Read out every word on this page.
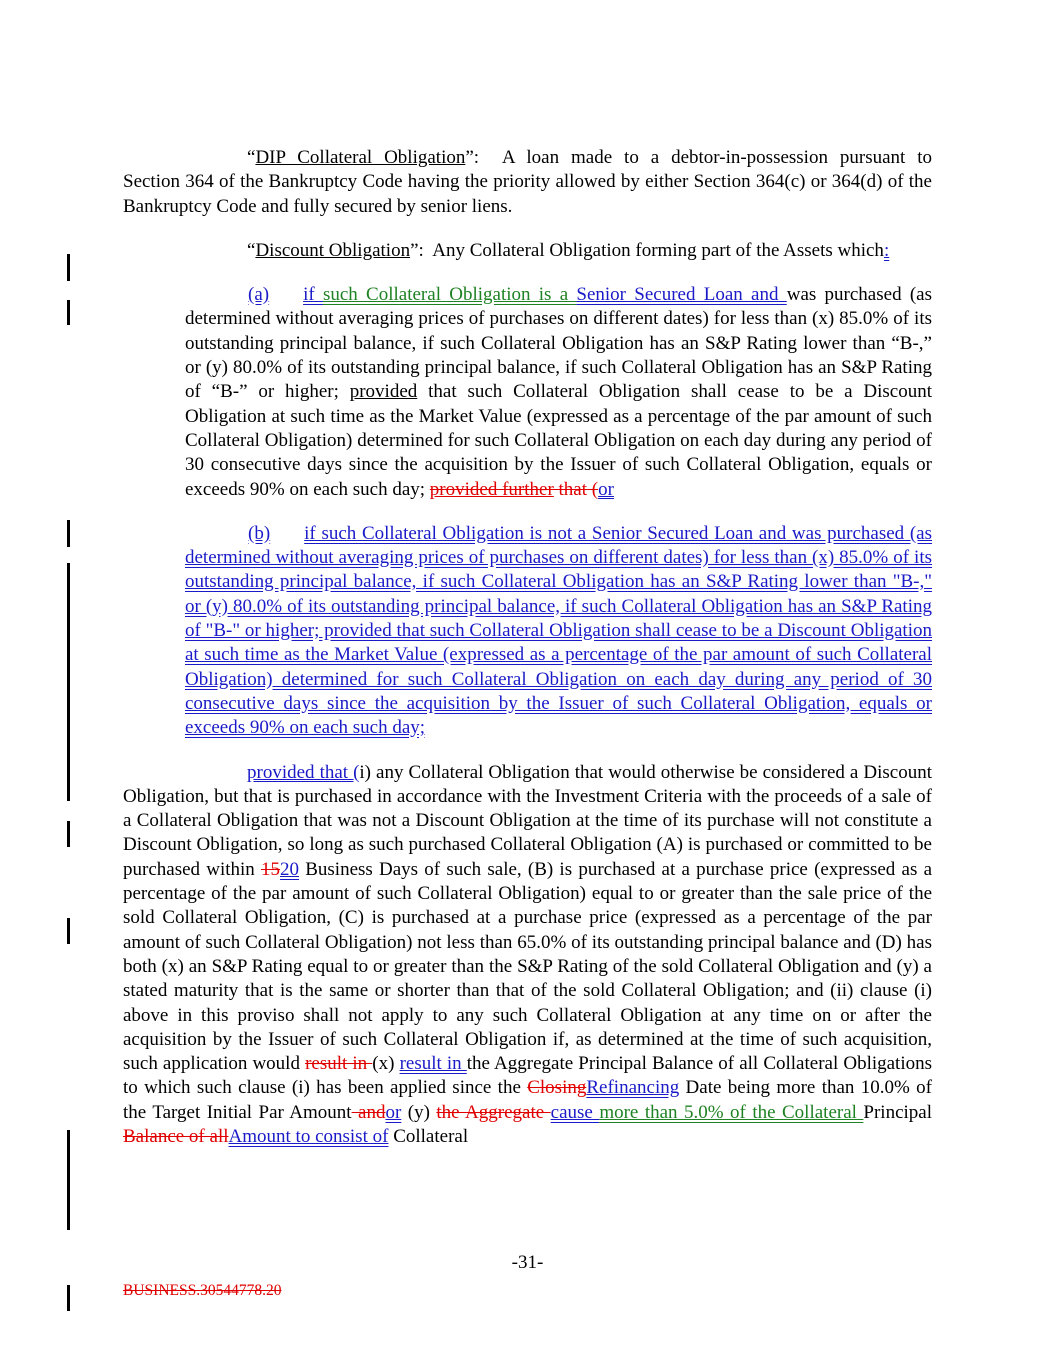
“DIP Collateral Obligation”:  A loan made to a debtor-in-possession pursuant to Section 364 of the Bankruptcy Code having the priority allowed by either Section 364(c) or 364(d) of the Bankruptcy Code and fully secured by senior liens.
“Discount Obligation”:  Any Collateral Obligation forming part of the Assets which:
(a) if such Collateral Obligation is a Senior Secured Loan and was purchased (as determined without averaging prices of purchases on different dates) for less than (x) 85.0% of its outstanding principal balance, if such Collateral Obligation has an S&P Rating lower than “B-,” or (y) 80.0% of its outstanding principal balance, if such Collateral Obligation has an S&P Rating of “B-” or higher; provided that such Collateral Obligation shall cease to be a Discount Obligation at such time as the Market Value (expressed as a percentage of the par amount of such Collateral Obligation) determined for such Collateral Obligation on each day during any period of 30 consecutive days since the acquisition by the Issuer of such Collateral Obligation, equals or exceeds 90% on each such day; provided further that (or
(b) if such Collateral Obligation is not a Senior Secured Loan and was purchased (as determined without averaging prices of purchases on different dates) for less than (x) 85.0% of its outstanding principal balance, if such Collateral Obligation has an S&P Rating lower than "B-," or (y) 80.0% of its outstanding principal balance, if such Collateral Obligation has an S&P Rating of "B-" or higher; provided that such Collateral Obligation shall cease to be a Discount Obligation at such time as the Market Value (expressed as a percentage of the par amount of such Collateral Obligation) determined for such Collateral Obligation on each day during any period of 30 consecutive days since the acquisition by the Issuer of such Collateral Obligation, equals or exceeds 90% on each such day;
provided that (i) any Collateral Obligation that would otherwise be considered a Discount Obligation, but that is purchased in accordance with the Investment Criteria with the proceeds of a sale of a Collateral Obligation that was not a Discount Obligation at the time of its purchase will not constitute a Discount Obligation, so long as such purchased Collateral Obligation (A) is purchased or committed to be purchased within 1520 Business Days of such sale, (B) is purchased at a purchase price (expressed as a percentage of the par amount of such Collateral Obligation) equal to or greater than the sale price of the sold Collateral Obligation, (C) is purchased at a purchase price (expressed as a percentage of the par amount of such Collateral Obligation) not less than 65.0% of its outstanding principal balance and (D) has both (x) an S&P Rating equal to or greater than the S&P Rating of the sold Collateral Obligation and (y) a stated maturity that is the same or shorter than that of the sold Collateral Obligation; and (ii) clause (i) above in this proviso shall not apply to any such Collateral Obligation at any time on or after the acquisition by the Issuer of such Collateral Obligation if, as determined at the time of such acquisition, such application would result in (x) result in the Aggregate Principal Balance of all Collateral Obligations to which such clause (i) has been applied since the ClosingRefinancing Date being more than 10.0% of the Target Initial Par Amount andor (y) the Aggregate cause more than 5.0% of the Collateral Principal Balance of allAmount to consist of Collateral
-31-
BUSINESS.30544778.20
